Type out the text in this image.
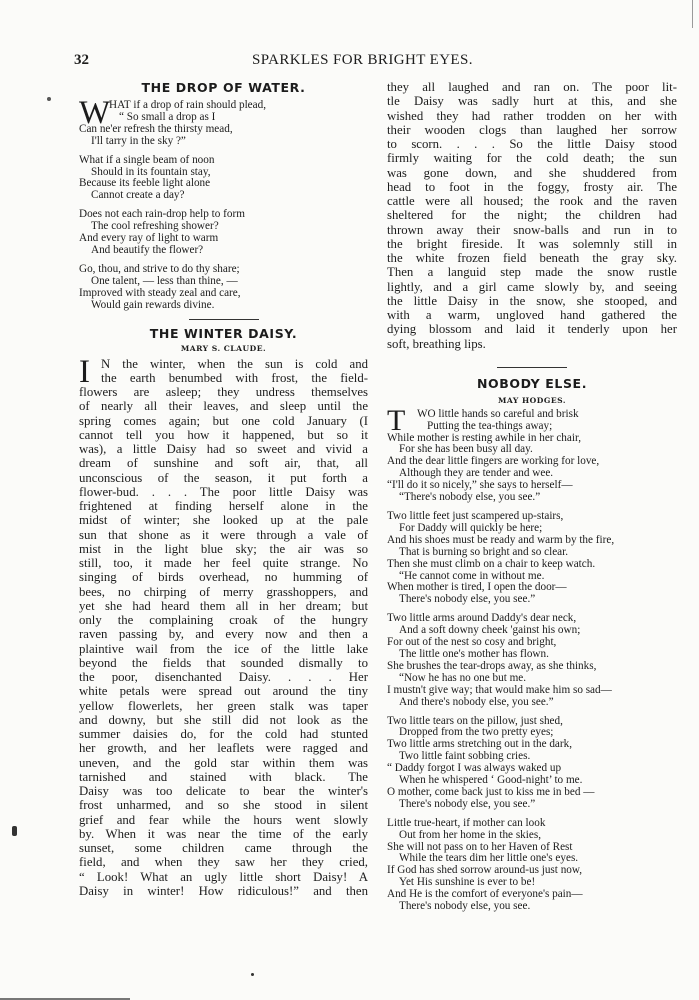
32	SPARKLES FOR BRIGHT EYES.
THE DROP OF WATER.
W
HAT if a drop of rain should plead,
“ So small a drop as I
Can ne'er refresh the thirsty mead,
I'll tarry in the sky ?”
What if a single beam of noon
Should in its fountain stay,
Because its feeble light alone
Cannot create a day?
Does not each rain-drop help to form
The cool refreshing shower?
And every ray of light to warm
And beautify the flower?
Go, thou, and strive to do thy share;
One talent, — less than thine, —
Improved with steady zeal and care,
Would gain rewards divine.
THE WINTER DAISY.
MARY S. CLAUDE.
I N the winter, when the sun is cold and
the earth benumbed with frost, the field-
flowers are asleep; they undress themselves
of nearly all their leaves, and sleep until the
spring comes again; but one cold January (I
cannot tell you how it happened, but so it
was), a little Daisy had so sweet and vivid a
dream of sunshine and soft air, that, all
unconscious of the season, it put forth a
flower-bud. . . . The poor little Daisy was
frightened at finding herself alone in the
midst of winter; she looked up at the pale
sun that shone as it were through a vale of
mist in the light blue sky; the air was so
still, too, it made her feel quite strange. No
singing of birds overhead, no humming of
bees, no chirping of merry grasshoppers, and
yet she had heard them all in her dream; but
only the complaining croak of the hungry
raven passing by, and every now and then a
plaintive wail from the ice of the little lake
beyond the fields that sounded dismally to
the poor, disenchanted Daisy. . . . Her
white petals were spread out around the tiny
yellow flowerlets, her green stalk was taper
and downy, but she still did not look as the
summer daisies do, for the cold had stunted
her growth, and her leaflets were ragged and
uneven, and the gold star within them was
tarnished and stained with black. The
Daisy was too delicate to bear the winter's
frost unharmed, and so she stood in silent
grief and fear while the hours went slowly
by. When it was near the time of the early
sunset, some children came through the
field, and when they saw her they cried,
“ Look! What an ugly little short Daisy! A
Daisy in winter! How ridiculous!” and then
they all laughed and ran on. The poor lit-
tle Daisy was sadly hurt at this, and she
wished they had rather trodden on her with
their wooden clogs than laughed her sorrow
to scorn. . . . So the little Daisy stood
firmly waiting for the cold death; the sun
was gone down, and she shuddered from
head to foot in the foggy, frosty air. The
cattle were all housed; the rook and the raven
sheltered for the night; the children had
thrown away their snow-balls and run in to
the bright fireside. It was solemnly still in
the white frozen field beneath the gray sky.
Then a languid step made the snow rustle
lightly, and a girl came slowly by, and seeing
the little Daisy in the snow, she stooped, and
with a warm, ungloved hand gathered the
dying blossom and laid it tenderly upon her
soft, breathing lips.
NOBODY ELSE.
MAY HODGES.
T	WO little hands so careful and brisk
Putting the tea-things away;
While mother is resting awhile in her chair,
For she has been busy all day.
And the dear little fingers are working for love,
Although they are tender and wee.
“I'll do it so nicely,” she says to herself—
“There's nobody else, you see.”
Two little feet just scampered up-stairs,
For Daddy will quickly be here;
And his shoes must be ready and warm by the fire,
That is burning so bright and so clear.
Then she must climb on a chair to keep watch.
“He cannot come in without me.
When mother is tired, I open the door—
There's nobody else, you see.”
Two little arms around Daddy's dear neck,
And a soft downy cheek 'gainst his own;
For out of the nest so cosy and bright,
The little one's mother has flown.
She brushes the tear-drops away, as she thinks,
“Now he has no one but me.
I mustn't give way; that would make him so sad—
And there's nobody else, you see.”
Two little tears on the pillow, just shed,
Dropped from the two pretty eyes;
Two little arms stretching out in the dark,
Two little faint sobbing cries.
“ Daddy forgot I was always waked up
When he whispered ‘ Good-night’ to me.
O mother, come back just to kiss me in bed —
There's nobody else, you see.”
Little true-heart, if mother can look
Out from her home in the skies,
She will not pass on to her Haven of Rest
While the tears dim her little one's eyes.
If God has shed sorrow around-us just now,
Yet His sunshine is ever to be!
And He is the comfort of everyone's pain—
There's nobody else, you see.
